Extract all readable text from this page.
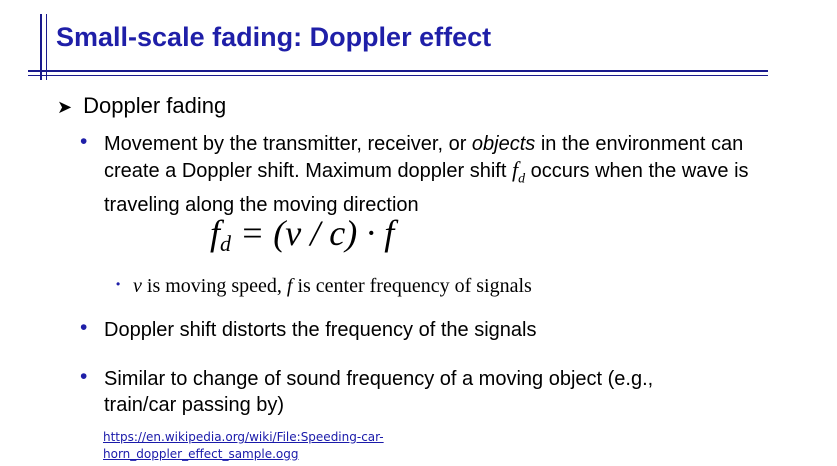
Small-scale fading: Doppler effect
➤ Doppler fading
• Movement by the transmitter, receiver, or objects in the environment can create a Doppler shift. Maximum doppler shift $f_d$ occurs when the wave is traveling along the moving direction
$f_d = (v / c) \cdot f$
• v is moving speed, f is center frequency of signals
• Doppler shift distorts the frequency of the signals
• Similar to change of sound frequency of a moving object (e.g., train/car passing by)
https://en.wikipedia.org/wiki/File:Speeding-car-
horn_doppler_effect_sample.ogg
